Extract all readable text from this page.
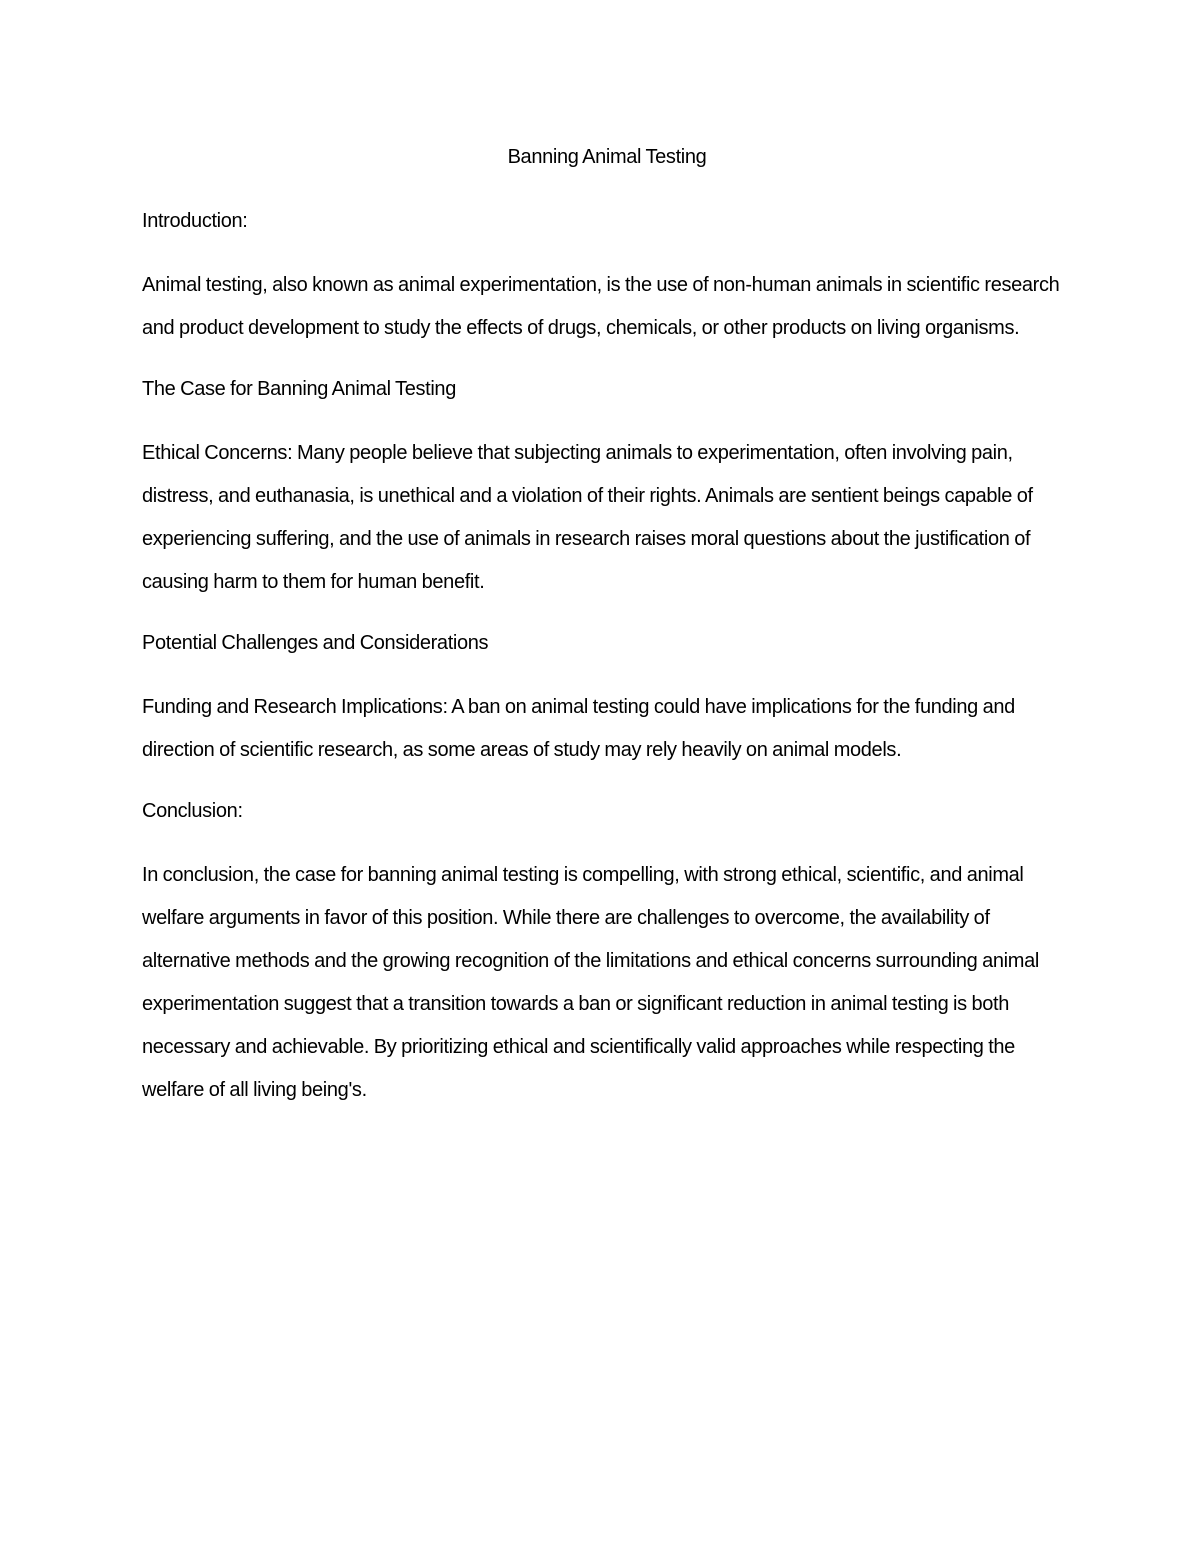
Banning Animal Testing
Introduction:
Animal testing, also known as animal experimentation, is the use of non-human animals in scientific research and product development to study the effects of drugs, chemicals, or other products on living organisms.
The Case for Banning Animal Testing
Ethical Concerns: Many people believe that subjecting animals to experimentation, often involving pain, distress, and euthanasia, is unethical and a violation of their rights. Animals are sentient beings capable of experiencing suffering, and the use of animals in research raises moral questions about the justification of causing harm to them for human benefit.
Potential Challenges and Considerations
Funding and Research Implications: A ban on animal testing could have implications for the funding and direction of scientific research, as some areas of study may rely heavily on animal models.
Conclusion:
In conclusion, the case for banning animal testing is compelling, with strong ethical, scientific, and animal welfare arguments in favor of this position. While there are challenges to overcome, the availability of alternative methods and the growing recognition of the limitations and ethical concerns surrounding animal experimentation suggest that a transition towards a ban or significant reduction in animal testing is both necessary and achievable. By prioritizing ethical and scientifically valid approaches while respecting the welfare of all living being's.
